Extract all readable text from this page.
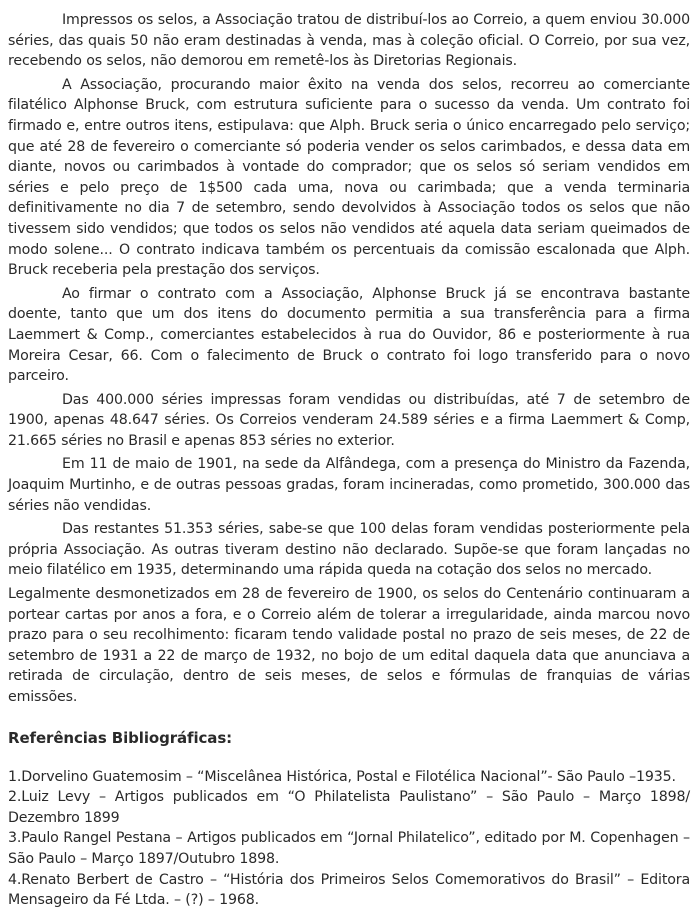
Impressos os selos, a Associação tratou de distribuí-los ao Correio, a quem enviou 30.000 séries, das quais 50 não eram destinadas à venda, mas à coleção oficial. O Correio, por sua vez, recebendo os selos, não demorou em remetê-los às Diretorias Regionais.

A Associação, procurando maior êxito na venda dos selos, recorreu ao comerciante filatélico Alphonse Bruck, com estrutura suficiente para o sucesso da venda. Um contrato foi firmado e, entre outros itens, estipulava: que Alph. Bruck seria o único encarregado pelo serviço; que até 28 de fevereiro o comerciante só poderia vender os selos carimbados, e dessa data em diante, novos ou carimbados à vontade do comprador; que os selos só seriam vendidos em séries e pelo preço de 1$500 cada uma, nova ou carimbada; que a venda terminaria definitivamente no dia 7 de setembro, sendo devolvidos à Associação todos os selos que não tivessem sido vendidos; que todos os selos não vendidos até aquela data seriam queimados de modo solene... O contrato indicava também os percentuais da comissão escalonada que Alph. Bruck receberia pela prestação dos serviços.

Ao firmar o contrato com a Associação, Alphonse Bruck já se encontrava bastante doente, tanto que um dos itens do documento permitia a sua transferência para a firma Laemmert & Comp., comerciantes estabelecidos à rua do Ouvidor, 86 e posteriormente à rua Moreira Cesar, 66. Com o falecimento de Bruck o contrato foi logo transferido para o novo parceiro.

Das 400.000 séries impressas foram vendidas ou distribuídas, até 7 de setembro de 1900, apenas 48.647 séries. Os Correios venderam 24.589 séries e a firma Laemmert & Comp, 21.665 séries no Brasil e apenas 853 séries no exterior.

Em 11 de maio de 1901, na sede da Alfândega, com a presença do Ministro da Fazenda, Joaquim Murtinho, e de outras pessoas gradas, foram incineradas, como prometido, 300.000 das séries não vendidas.

Das restantes 51.353 séries, sabe-se que 100 delas foram vendidas posteriormente pela própria Associação. As outras tiveram destino não declarado. Supõe-se que foram lançadas no meio filatélico em 1935, determinando uma rápida queda na cotação dos selos no mercado.

Legalmente desmonetizados em 28 de fevereiro de 1900, os selos do Centenário continuaram a portear cartas por anos a fora, e o Correio além de tolerar a irregularidade, ainda marcou novo prazo para o seu recolhimento: ficaram tendo validade postal no prazo de seis meses, de 22 de setembro de 1931 a 22 de março de 1932, no bojo de um edital daquela data que anunciava a retirada de circulação, dentro de seis meses, de selos e fórmulas de franquias de várias emissões.

Referências Bibliográficas:
1.Dorvelino Guatemosim – “Miscelânea Histórica, Postal e Filotélica Nacional”- São Paulo –1935.
2.Luiz Levy – Artigos publicados em “O Philatelista Paulistano” – São Paulo – Março 1898/ Dezembro 1899
3.Paulo Rangel Pestana – Artigos publicados em “Jornal Philatelico”, editado por M. Copenhagen – São Paulo – Março 1897/Outubro 1898.
4.Renato Berbert de Castro – “História dos Primeiros Selos Comemorativos do Brasil” – Editora Mensageiro da Fé Ltda. – (?) – 1968.
